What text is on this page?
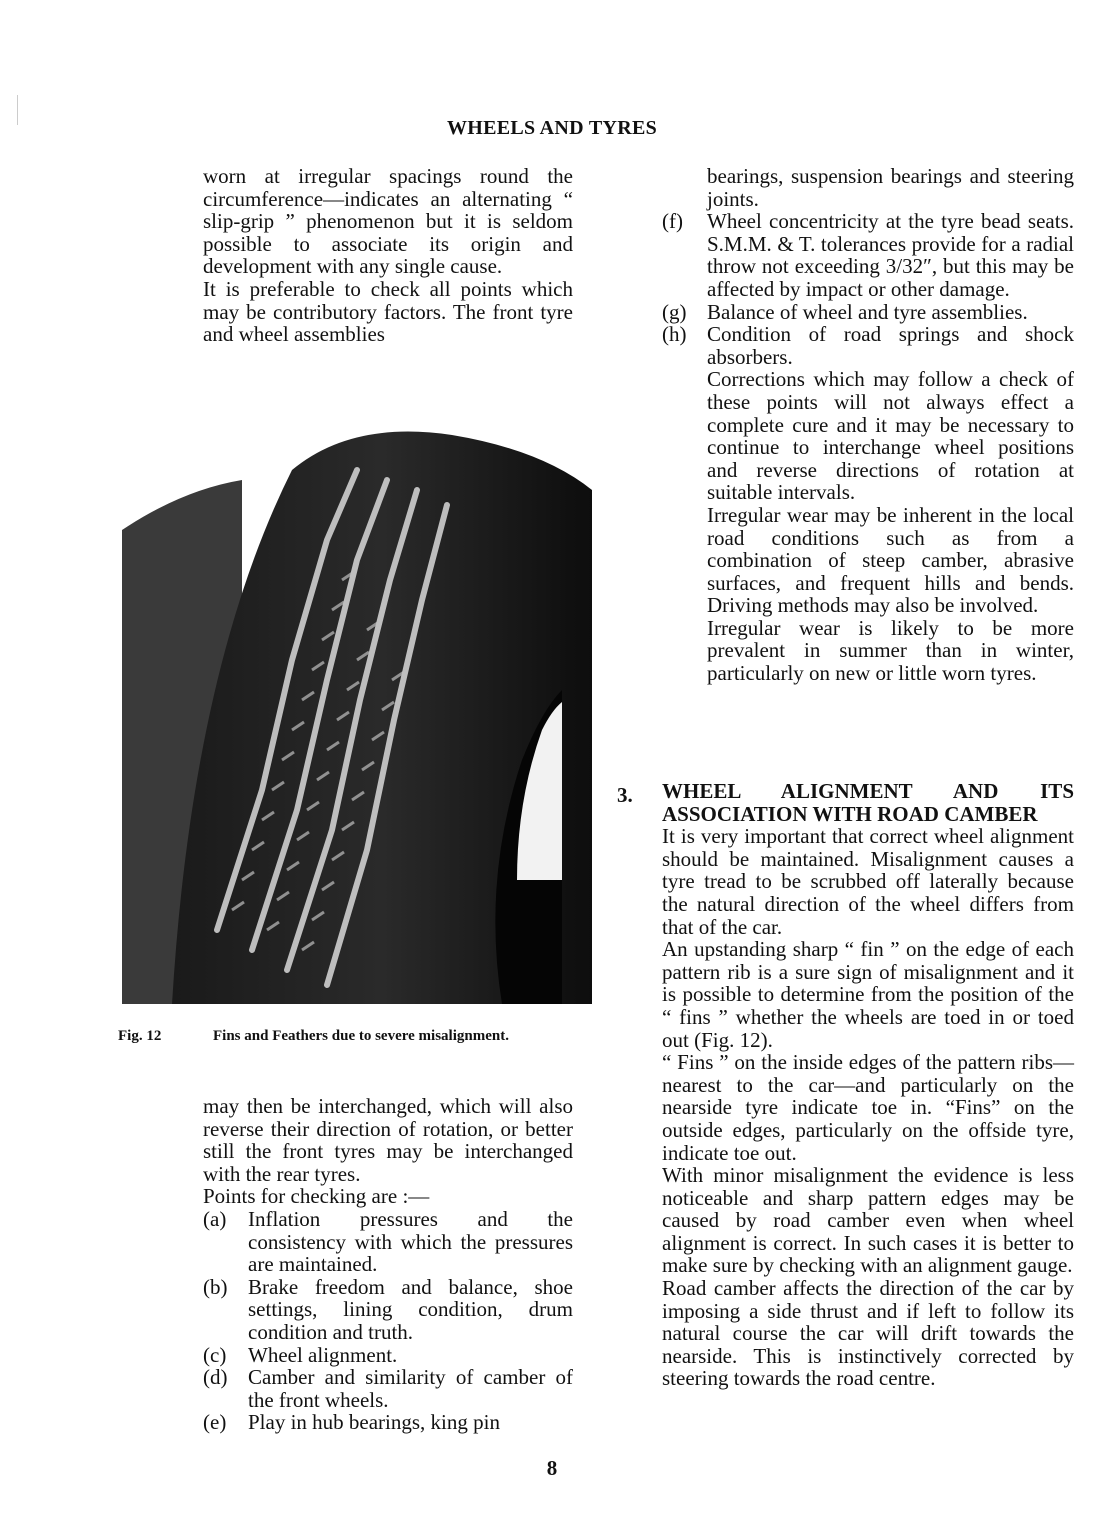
WHEELS AND TYRES

worn at irregular spacings round the circumference—indicates an alternating “ slip-grip ” phenomenon but it is seldom possible to associate its origin and development with any single cause.

It is preferable to check all points which may be contributory factors. The front tyre and wheel assemblies

Fig. 12	Fins and Feathers due to severe misalignment.

may then be interchanged, which will also reverse their direction of rotation, or better still the front tyres may be interchanged with the rear tyres.

Points for checking are :—

(a) Inflation pressures and the consistency with which the pressures are maintained.
(b) Brake freedom and balance, shoe settings, lining condition, drum condition and truth.
(c) Wheel alignment.
(d) Camber and similarity of camber of the front wheels.
(e) Play in hub bearings, king pin

bearings, suspension bearings and steering joints.

(f) Wheel concentricity at the tyre bead seats. S.M.M. & T. tolerances provide for a radial throw not exceeding 3/32″, but this may be affected by impact or other damage.
(g) Balance of wheel and tyre assemblies.
(h) Condition of road springs and shock absorbers.

Corrections which may follow a check of these points will not always effect a complete cure and it may be necessary to continue to interchange wheel positions and reverse directions of rotation at suitable intervals.

Irregular wear may be inherent in the local road conditions such as from a combination of steep camber, abrasive surfaces, and frequent hills and bends. Driving methods may also be involved.

Irregular wear is likely to be more prevalent in summer than in winter, particularly on new or little worn tyres.

3. WHEEL ALIGNMENT AND ITS ASSOCIATION WITH ROAD CAMBER

It is very important that correct wheel alignment should be maintained. Misalignment causes a tyre tread to be scrubbed off laterally because the natural direction of the wheel differs from that of the car.

An upstanding sharp “ fin ” on the edge of each pattern rib is a sure sign of misalignment and it is possible to determine from the position of the “ fins ” whether the wheels are toed in or toed out (Fig. 12).

“ Fins ” on the inside edges of the pattern ribs—nearest to the car—and particularly on the nearside tyre indicate toe in. “Fins” on the outside edges, particularly on the offside tyre, indicate toe out.

With minor misalignment the evidence is less noticeable and sharp pattern edges may be caused by road camber even when wheel alignment is correct. In such cases it is better to make sure by checking with an alignment gauge.

Road camber affects the direction of the car by imposing a side thrust and if left to follow its natural course the car will drift towards the nearside. This is instinctively corrected by steering towards the road centre.

8
